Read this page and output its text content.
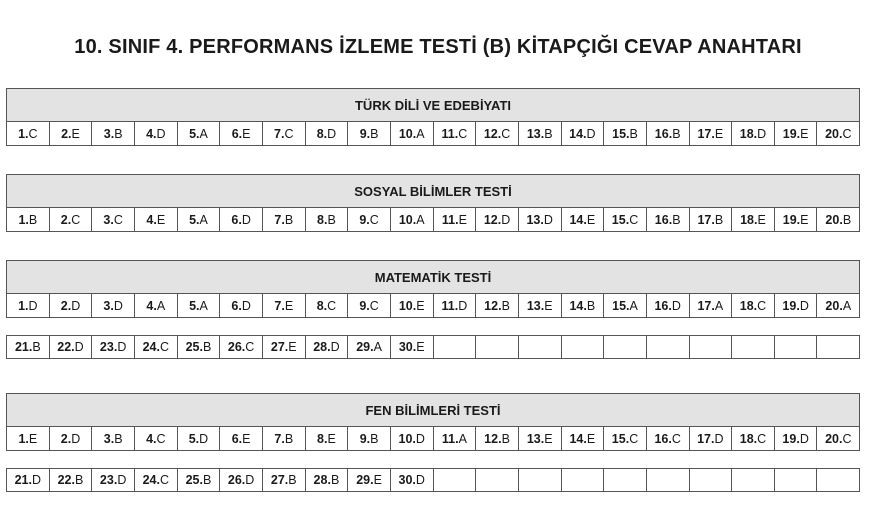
10. SINIF 4. PERFORMANS İZLEME TESTİ (B) KİTAPÇIĞI CEVAP ANAHTARI
TÜRK DİLİ VE EDEBİYATI
1. C 2. E 3. B 4. D 5. A 6. E 7. C 8. D 9. B 10. A 11. C 12. C 13. B 14. D 15. B 16. B 17. E 18. D 19. E 20. C
SOSYAL BİLİMLER TESTİ
1. B 2. C 3. C 4. E 5. A 6. D 7. B 8. B 9. C 10. A 11. E 12. D 13. D 14. E 15. C 16. B 17. B 18. E 19. E 20. B
MATEMATİK TESTİ
1. D 2. D 3. D 4. A 5. A 6. D 7. E 8. C 9. C 10. E 11. D 12. B 13. E 14. B 15. A 16. D 17. A 18. C 19. D 20. A
21. B 22. D 23. D 24. C 25. B 26. C 27. E 28. D 29. A 30. E
FEN BİLİMLERİ TESTİ
1. E 2. D 3. B 4. C 5. D 6. E 7. B 8. E 9. B 10. D 11. A 12. B 13. E 14. E 15. C 16. C 17. D 18. C 19. D 20. C
21. D 22. B 23. D 24. C 25. B 26. D 27. B 28. B 29. E 30. D
